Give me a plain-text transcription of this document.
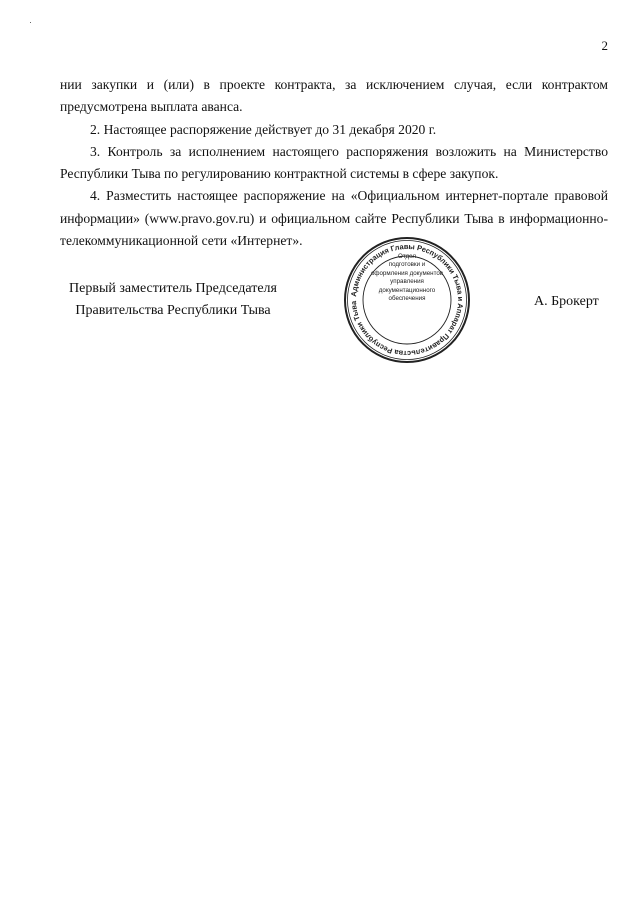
2

нии закупки и (или) в проекте контракта, за исключением случая, если контрактом предусмотрена выплата аванса.

2. Настоящее распоряжение действует до 31 декабря 2020 г.

3. Контроль за исполнением настоящего распоряжения возложить на Министерство Республики Тыва по регулированию контрактной системы в сфере закупок.

4. Разместить настоящее распоряжение на «Официальном интернет-портале правовой информации» (www.pravo.gov.ru) и официальном сайте Республики Тыва в информационно-телекоммуникационной сети «Интернет».

Первый заместитель Председателя
Правительства Республики Тыва
Администрация Главы Республики Тыва и Аппарат Правительства Республики Тыва
Отдел
подготовки и
оформления документов
управления
документационного
обеспечения	А. Брокерт
